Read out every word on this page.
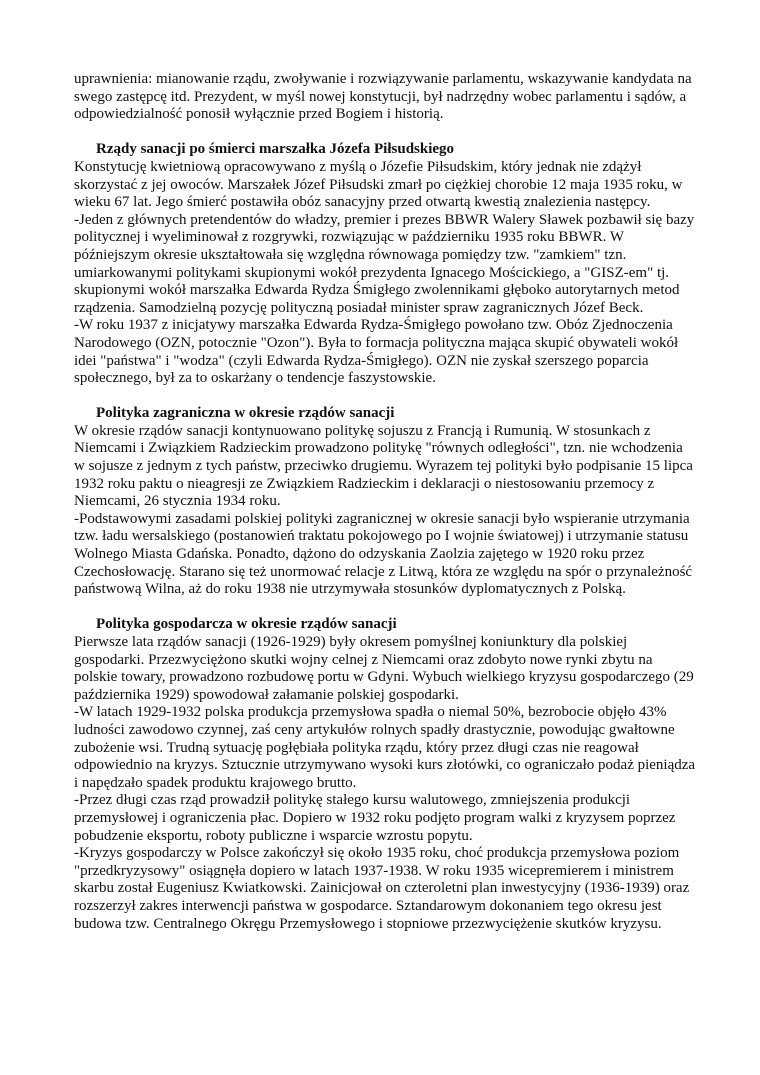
uprawnienia: mianowanie rządu, zwoływanie i rozwiązywanie parlamentu, wskazywanie kandydata na swego zastępcę itd. Prezydent, w myśl nowej konstytucji, był nadrzędny wobec parlamentu i sądów, a odpowiedzialność ponosił wyłącznie przed Bogiem i historią.

Rządy sanacji po śmierci marszałka Józefa Piłsudskiego

Konstytucję kwietniową opracowywano z myślą o Józefie Piłsudskim, który jednak nie zdążył skorzystać z jej owoców. Marszałek Józef Piłsudski zmarł po ciężkiej chorobie 12 maja 1935 roku, w wieku 67 lat. Jego śmierć postawiła obóz sanacyjny przed otwartą kwestią znalezienia następcy.

-Jeden z głównych pretendentów do władzy, premier i prezes BBWR Walery Sławek pozbawił się bazy politycznej i wyeliminował z rozgrywki, rozwiązując w październiku 1935 roku BBWR. W późniejszym okresie ukształtowała się względna równowaga pomiędzy tzw. "zamkiem" tzn. umiarkowanymi politykami skupionymi wokół prezydenta Ignacego Mościckiego, a "GISZ-em" tj. skupionymi wokół marszałka Edwarda Rydza Śmigłego zwolennikami głęboko autorytarnych metod rządzenia. Samodzielną pozycję polityczną posiadał minister spraw zagranicznych Józef Beck.

-W roku 1937 z inicjatywy marszałka Edwarda Rydza-Śmigłego powołano tzw. Obóz Zjednoczenia Narodowego (OZN, potocznie "Ozon"). Była to formacja polityczna mająca skupić obywateli wokół idei "państwa" i "wodza" (czyli Edwarda Rydza-Śmigłego). OZN nie zyskał szerszego poparcia społecznego, był za to oskarżany o tendencje faszystowskie.

Polityka zagraniczna w okresie rządów sanacji

W okresie rządów sanacji kontynuowano politykę sojuszu z Francją i Rumunią. W stosunkach z Niemcami i Związkiem Radzieckim prowadzono politykę "równych odległości", tzn. nie wchodzenia w sojusze z jednym z tych państw, przeciwko drugiemu. Wyrazem tej polityki było podpisanie 15 lipca 1932 roku paktu o nieagresji ze Związkiem Radzieckim i deklaracji o niestosowaniu przemocy z Niemcami, 26 stycznia 1934 roku.

-Podstawowymi zasadami polskiej polityki zagranicznej w okresie sanacji było wspieranie utrzymania tzw. ładu wersalskiego (postanowień traktatu pokojowego po I wojnie światowej) i utrzymanie statusu Wolnego Miasta Gdańska. Ponadto, dążono do odzyskania Zaolzia zajętego w 1920 roku przez Czechosłowację. Starano się też unormować relacje z Litwą, która ze względu na spór o przynależność państwową Wilna, aż do roku 1938 nie utrzymywała stosunków dyplomatycznych z Polską.

Polityka gospodarcza w okresie rządów sanacji

Pierwsze lata rządów sanacji (1926-1929) były okresem pomyślnej koniunktury dla polskiej gospodarki. Przezwyciężono skutki wojny celnej z Niemcami oraz zdobyto nowe rynki zbytu na polskie towary, prowadzono rozbudowę portu w Gdyni. Wybuch wielkiego kryzysu gospodarczego (29 października 1929) spowodował załamanie polskiej gospodarki.

-W latach 1929-1932 polska produkcja przemysłowa spadła o niemal 50%, bezrobocie objęło 43% ludności zawodowo czynnej, zaś ceny artykułów rolnych spadły drastycznie, powodując gwałtowne zubożenie wsi. Trudną sytuację pogłębiała polityka rządu, który przez długi czas nie reagował odpowiednio na kryzys. Sztucznie utrzymywano wysoki kurs złotówki, co ograniczało podaż pieniądza i napędzało spadek produktu krajowego brutto.

-Przez długi czas rząd prowadził politykę stałego kursu walutowego, zmniejszenia produkcji przemysłowej i ograniczenia płac. Dopiero w 1932 roku podjęto program walki z kryzysem poprzez pobudzenie eksportu, roboty publiczne i wsparcie wzrostu popytu.

-Kryzys gospodarczy w Polsce zakończył się około 1935 roku, choć produkcja przemysłowa poziom "przedkryzysowy" osiągnęła dopiero w latach 1937-1938. W roku 1935 wicepremierem i ministrem skarbu został Eugeniusz Kwiatkowski. Zainicjował on czteroletni plan inwestycyjny (1936-1939) oraz rozszerzył zakres interwencji państwa w gospodarce. Sztandarowym dokonaniem tego okresu jest budowa tzw. Centralnego Okręgu Przemysłowego i stopniowe przezwyciężenie skutków kryzysu.
